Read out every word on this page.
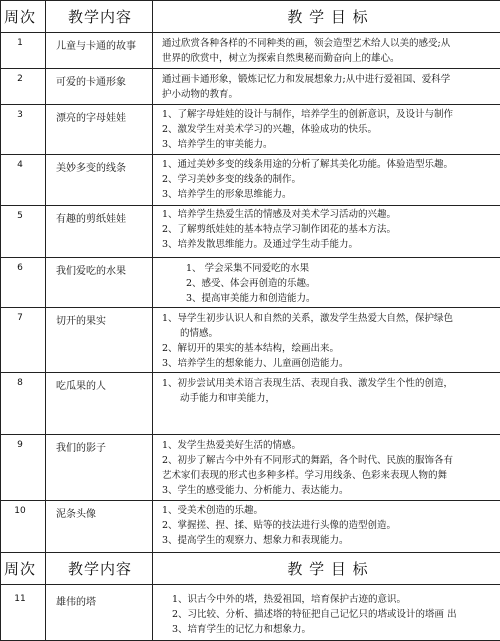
周次	教学内容	教 学 目 标
1	儿童与卡通的故事	通过欣赏各种各样的不同种类的画，领会造型艺术给人以美的感受;从
世界的欣赏中，树立为探索自然奥秘而勤奋向上的雄心。
2	可爱的卡通形象	通过画卡通形象，锻炼记忆力和发展想象力;从中进行爱祖国、爱科学
护小动物的教育。
3	漂亮的字母娃娃	1、了解字母娃娃的设计与制作，培养学生的创新意识，及设计与制作
2、激发学生对美术学习的兴趣，体验成功的快乐。
3、培养学生的审美能力。
4	美妙多变的线条	1、通过美妙多变的线条用途的分析了解其美化功能。体验造型乐趣。
2、学习美妙多变的线条的制作。
3、培养学生的形象思维能力。
5	有趣的剪纸娃娃	1、培养学生热爱生活的情感及对美术学习活动的兴趣。
2、了解剪纸娃娃的基本特点学习制作团花的基本方法。
3、培养发散思维能力。及通过学生动手能力。
6	我们爱吃的水果	1、 学会采集不同爱吃的水果
2、感受、体会再创造的乐趣。
3、提高审美能力和创造能力。
7	切开的果实	1、导学生初步认识人和自然的关系，激发学生热爱大自然，保护绿色
的情感。
2、解切开的果实的基本结构，绘画出来。
3、培养学生的想象能力、儿童画创造能力。
8	吃瓜果的人	1、初步尝试用美术语言表现生活、表现自我、激发学生个性的创造，
动手能力和审美能力，
9	我们的影子	1、发学生热爱美好生活的情感。
2、初步了解古今中外有不同形式的舞蹈，各个时代、民族的服饰各有
艺术家们表现的形式也多种多样。学习用线条、色彩来表现人物的舞
3、学生的感受能力、分析能力、表达能力。
10	泥条头像	1、受美术创造的乐趣。
2、掌握搓、捏、揉、贴等的技法进行头像的造型创造。
3、提高学生的观察力、想象力和表现能力。
周次	教学内容	教 学 目 标
11	雄伟的塔	1、识古今中外的塔，热爱祖国，培育保护古迹的意识。
2、习比较、分析、描述塔的特征把自己记忆只的塔或设计的塔画 出
3、培育学生的记忆力和想象力。
